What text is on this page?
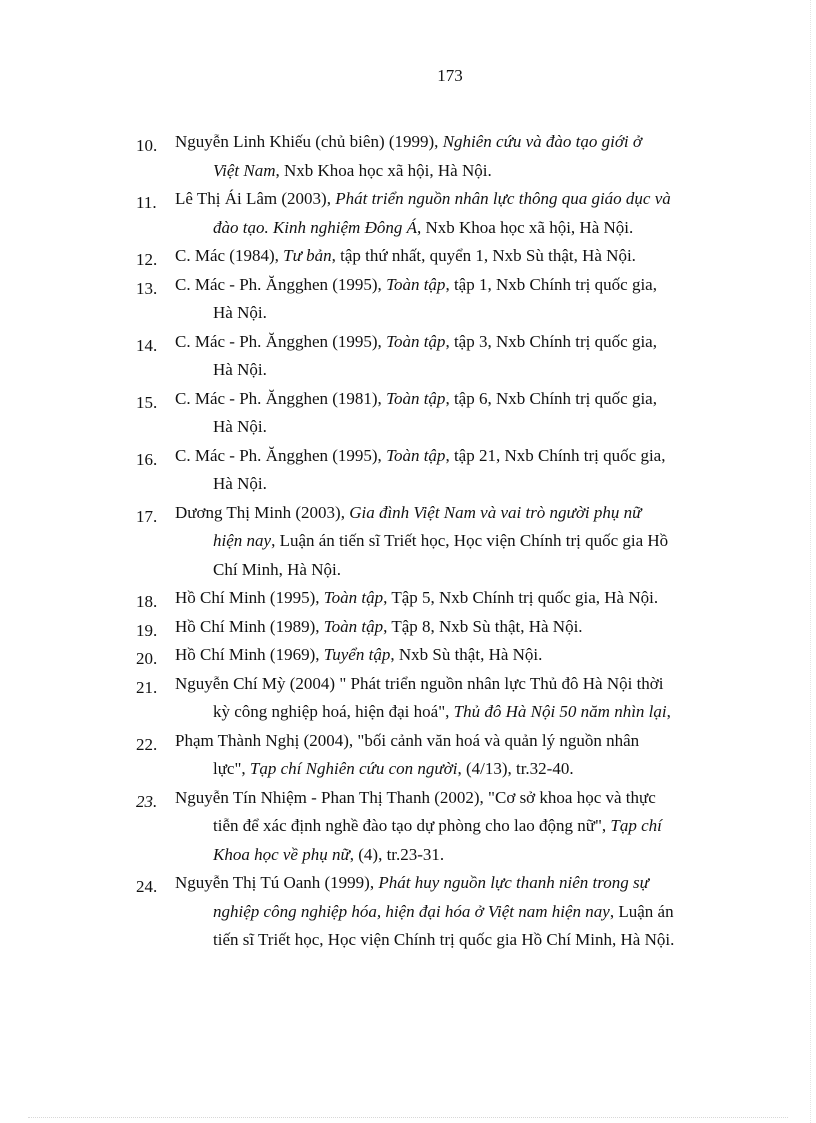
173
10.	Nguyễn Linh Khiếu (chủ biên) (1999), Nghiên cứu và đào tạo giới ở
Việt Nam, Nxb Khoa học xã hội, Hà Nội.
11.	Lê Thị Ái Lâm (2003), Phát triển nguồn nhân lực thông qua giáo dục và
đào tạo. Kinh nghiệm Đông Á, Nxb Khoa học xã hội, Hà Nội.
12.	C. Mác (1984), Tư bản, tập thứ nhất, quyển 1, Nxb Sù thật, Hà Nội.
13.	C. Mác - Ph. Ăngghen (1995), Toàn tập, tập 1, Nxb Chính trị quốc gia,
Hà Nội.
14.	C. Mác - Ph. Ăngghen (1995), Toàn tập, tập 3, Nxb Chính trị quốc gia,
Hà Nội.
15.	C. Mác - Ph. Ăngghen (1981), Toàn tập, tập 6, Nxb Chính trị quốc gia,
Hà Nội.
16.	C. Mác - Ph. Ăngghen (1995), Toàn tập, tập 21, Nxb Chính trị quốc gia,
Hà Nội.
17.	Dương Thị Minh (2003), Gia đình Việt Nam và vai trò người phụ nữ
hiện nay, Luận án tiến sĩ Triết học, Học viện Chính trị quốc gia Hồ
Chí Minh, Hà Nội.
18.	Hồ Chí Minh (1995), Toàn tập, Tập 5, Nxb Chính trị quốc gia, Hà Nội.
19.	Hồ Chí Minh (1989), Toàn tập, Tập 8, Nxb Sù thật, Hà Nội.
20.	Hồ Chí Minh (1969), Tuyển tập, Nxb Sù thật, Hà Nội.
21.	Nguyễn Chí Mỳ (2004) " Phát triển nguồn nhân lực Thủ đô Hà Nội thời
kỳ công nghiệp hoá, hiện đại hoá", Thủ đô Hà Nội 50 năm nhìn lại,
22.	Phạm Thành Nghị (2004), "bối cảnh văn hoá và quản lý nguồn nhân
lực", Tạp chí Nghiên cứu con người, (4/13), tr.32-40.
23.	Nguyễn Tín Nhiệm - Phan Thị Thanh (2002), "Cơ sở khoa học và thực
tiễn để xác định nghề đào tạo dự phòng cho lao động nữ", Tạp chí
Khoa học về phụ nữ, (4), tr.23-31.
24.	Nguyễn Thị Tú Oanh (1999), Phát huy nguồn lực thanh niên trong sự
nghiệp công nghiệp hóa, hiện đại hóa ở Việt nam hiện nay, Luận án
tiến sĩ Triết học, Học viện Chính trị quốc gia Hồ Chí Minh, Hà Nội.
